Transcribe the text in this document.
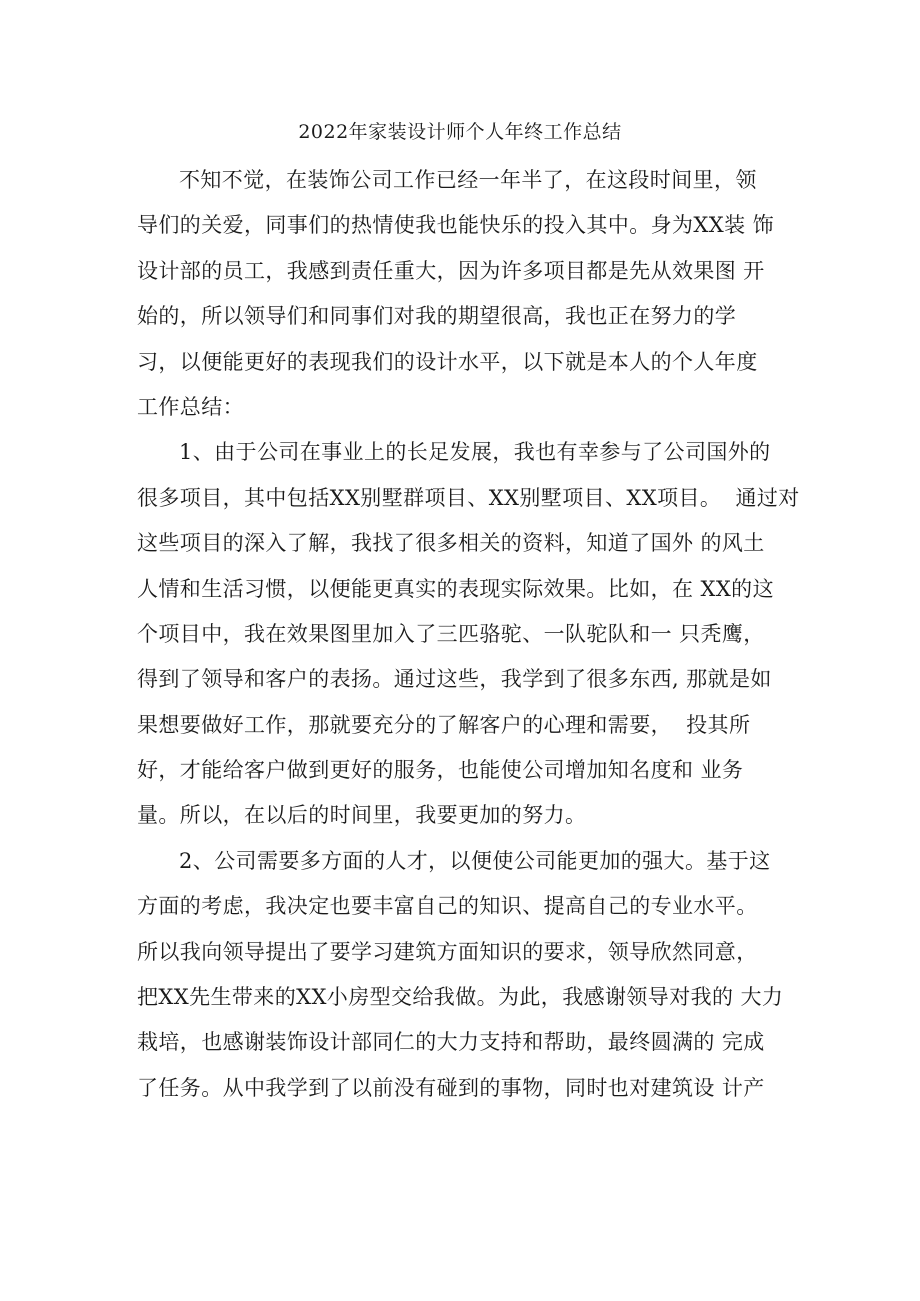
2022年家装设计师个人年终工作总结
不知不觉，在装饰公司工作已经一年半了，在这段时间里，领
导们的关爱，同事们的热情使我也能快乐的投入其中。身为XX装 饰
设计部的员工，我感到责任重大，因为许多项目都是先从效果图 开
始的，所以领导们和同事们对我的期望很高，我也正在努力的学
习，以便能更好的表现我们的设计水平，以下就是本人的个人年度
工作总结：
1、由于公司在事业上的长足发展，我也有幸参与了公司国外的
很多项目，其中包括XX别墅群项目、XX别墅项目、XX项目。  通过对
这些项目的深入了解，我找了很多相关的资料，知道了国外 的风土
人情和生活习惯，以便能更真实的表现实际效果。比如，在 XX的这
个项目中，我在效果图里加入了三匹骆驼、一队驼队和一 只秃鹰，
得到了领导和客户的表扬。通过这些，我学到了很多东西, 那就是如
果想要做好工作，那就要充分的了解客户的心理和需要，  投其所
好，才能给客户做到更好的服务，也能使公司增加知名度和 业务
量。所以，在以后的时间里，我要更加的努力。
2、公司需要多方面的人才，以便使公司能更加的强大。基于这
方面的考虑，我决定也要丰富自己的知识、提高自己的专业水平。
所以我向领导提出了要学习建筑方面知识的要求，领导欣然同意，
把XX先生带来的XX小房型交给我做。为此，我感谢领导对我的 大力
栽培，也感谢装饰设计部同仁的大力支持和帮助，最终圆满的 完成
了任务。从中我学到了以前没有碰到的事物，同时也对建筑设 计产
